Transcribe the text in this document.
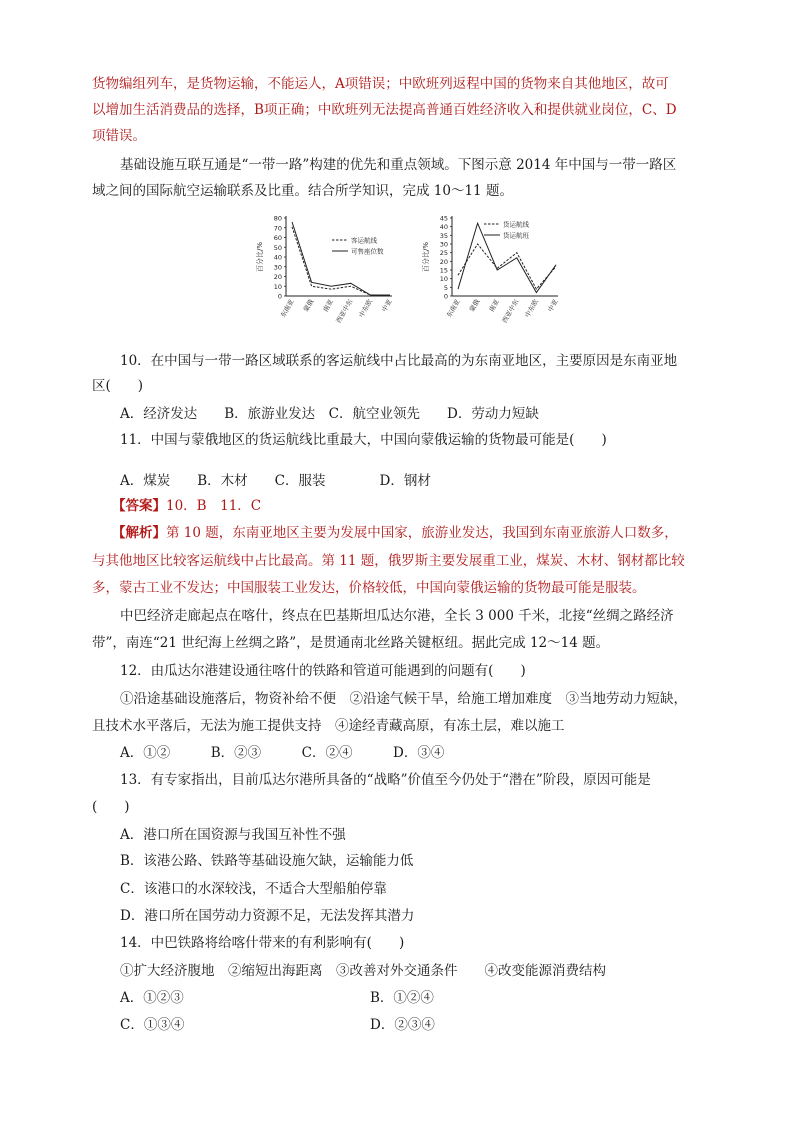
货物编组列车，是货物运输，不能运人，A项错误；中欧班列返程中国的货物来自其他地区，故可
以增加生活消费品的选择，B项正确；中欧班列无法提高普通百姓经济收入和提供就业岗位，C、D
项错误。
基础设施互联互通是“一带一路”构建的优先和重点领域。下图示意 2014 年中国与一带一路区
域之间的国际航空运输联系及比重。结合所学知识，完成 10～11 题。
0
10
20
30
40
50
60
70
80
百分比/%
东南亚 蒙俄 南亚 西亚中东 中东欧 中亚
客运航线
可售座位数
0
5
10
15
20
25
30
35
40
45
百分比/%
东南亚 蒙俄 南亚 西亚中东 中东欧 中亚
货运航线
货运航班
10．在中国与一带一路区域联系的客运航线中占比最高的为东南亚地区，主要原因是东南亚地
区(　　)
A．经济发达　　B．旅游业发达　C．航空业领先　　D．劳动力短缺
11．中国与蒙俄地区的货运航线比重最大，中国向蒙俄运输的货物最可能是(　　)
A．煤炭　　B．木材　　C．服装　　　　D．钢材
【答案】10．B　11．C
【解析】第 10 题，东南亚地区主要为发展中国家，旅游业发达，我国到东南亚旅游人口数多，
与其他地区比较客运航线中占比最高。第 11 题，俄罗斯主要发展重工业，煤炭、木材、钢材都比较
多，蒙古工业不发达；中国服装工业发达，价格较低，中国向蒙俄运输的货物最可能是服装。
中巴经济走廊起点在喀什，终点在巴基斯坦瓜达尔港，全长 3 000 千米，北接“丝绸之路经济
带”，南连“21 世纪海上丝绸之路”，是贯通南北丝路关键枢纽。据此完成 12～14 题。
12．由瓜达尔港建设通往喀什的铁路和管道可能遇到的问题有(　　)
①沿途基础设施落后，物资补给不便　②沿途气候干旱，给施工增加难度　③当地劳动力短缺，
且技术水平落后，无法为施工提供支持　④途经青藏高原，有冻土层，难以施工
A．①②　　　B．②③　　　C．②④　　　D．③④
13．有专家指出，目前瓜达尔港所具备的“战略”价值至今仍处于“潜在”阶段，原因可能是
(　　)
A．港口所在国资源与我国互补性不强
B．该港公路、铁路等基础设施欠缺，运输能力低
C．该港口的水深较浅，不适合大型船舶停靠
D．港口所在国劳动力资源不足，无法发挥其潜力
14．中巴铁路将给喀什带来的有利影响有(　　)
①扩大经济腹地　②缩短出海距离　③改善对外交通条件　　④改变能源消费结构
A．①②③	B．①②④
C．①③④	D．②③④
